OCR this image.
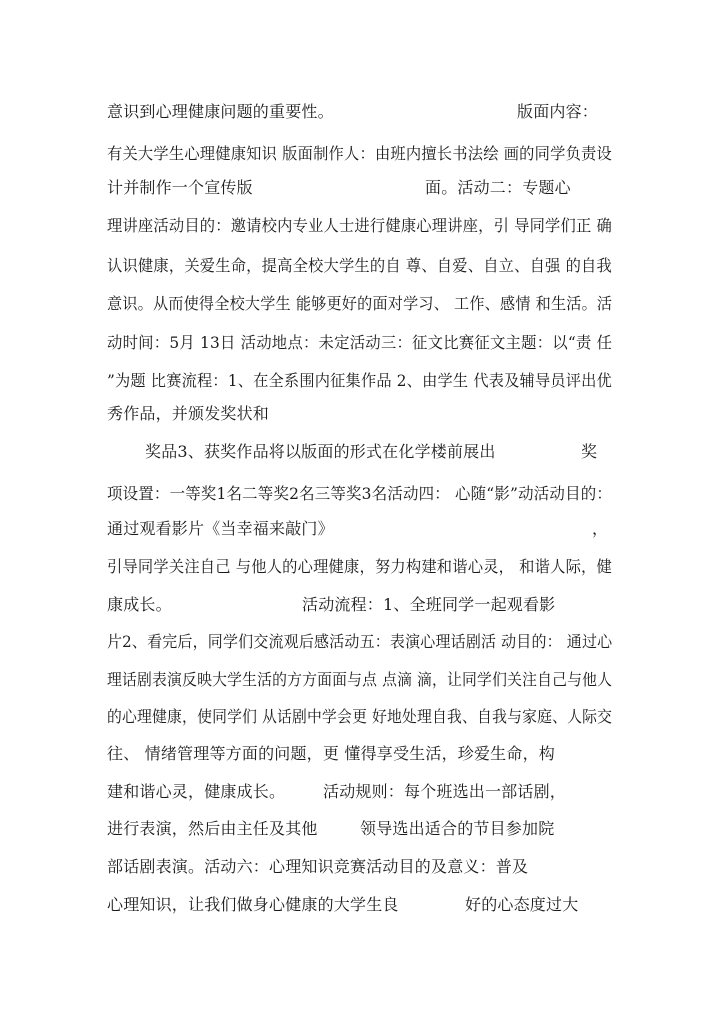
意识到心理健康问题的重要性。	版面内容：
有关大学生心理健康知识 版面制作人：由班内擅长书法绘 画的同学负责设
计并制作一个宣传版	面。活动二：专题心
理讲座活动目的：邀请校内专业人士进行健康心理讲座，引 导同学们正 确
认识健康，关爱生命，提高全校大学生的自 尊、自爱、自立、自强 的自我
意识。从而使得全校大学生 能够更好的面对学习、 工作、感情 和生活。活
动时间：5月 13日 活动地点：未定活动三：征文比赛征文主题：以“责 任
”为题 比赛流程：1、在全系围内征集作品 2、由学生 代表及辅导员评出优
秀作品，并颁发奖状和
奖品3、获奖作品将以版面的形式在化学楼前展出	奖
项设置：一等奖1名二等奖2名三等奖3名活动四： 心随“影”动活动目的：
通过观看影片《当幸福来敲门》	，
引导同学关注自己 与他人的心理健康，努力构建和谐心灵， 和谐人际，健
康成长。	活动流程：1、全班同学一起观看影
片2、看完后，同学们交流观后感活动五：表演心理话剧活 动目的： 通过心
理话剧表演反映大学生活的方方面面与点 点滴 滴，让同学们关注自己与他人
的心理健康，使同学们 从话剧中学会更 好地处理自我、自我与家庭、人际交
往、 情绪管理等方面的问题，更 懂得享受生活，珍爱生命，构
建和谐心灵，健康成长。 活动规则：每个班选出一部话剧，
进行表演，然后由主任及其他	领导选出适合的节目参加院
部话剧表演。活动六：心理知识竞赛活动目的及意义：普及
心理知识，让我们做身心健康的大学生良	好的心态度过大
